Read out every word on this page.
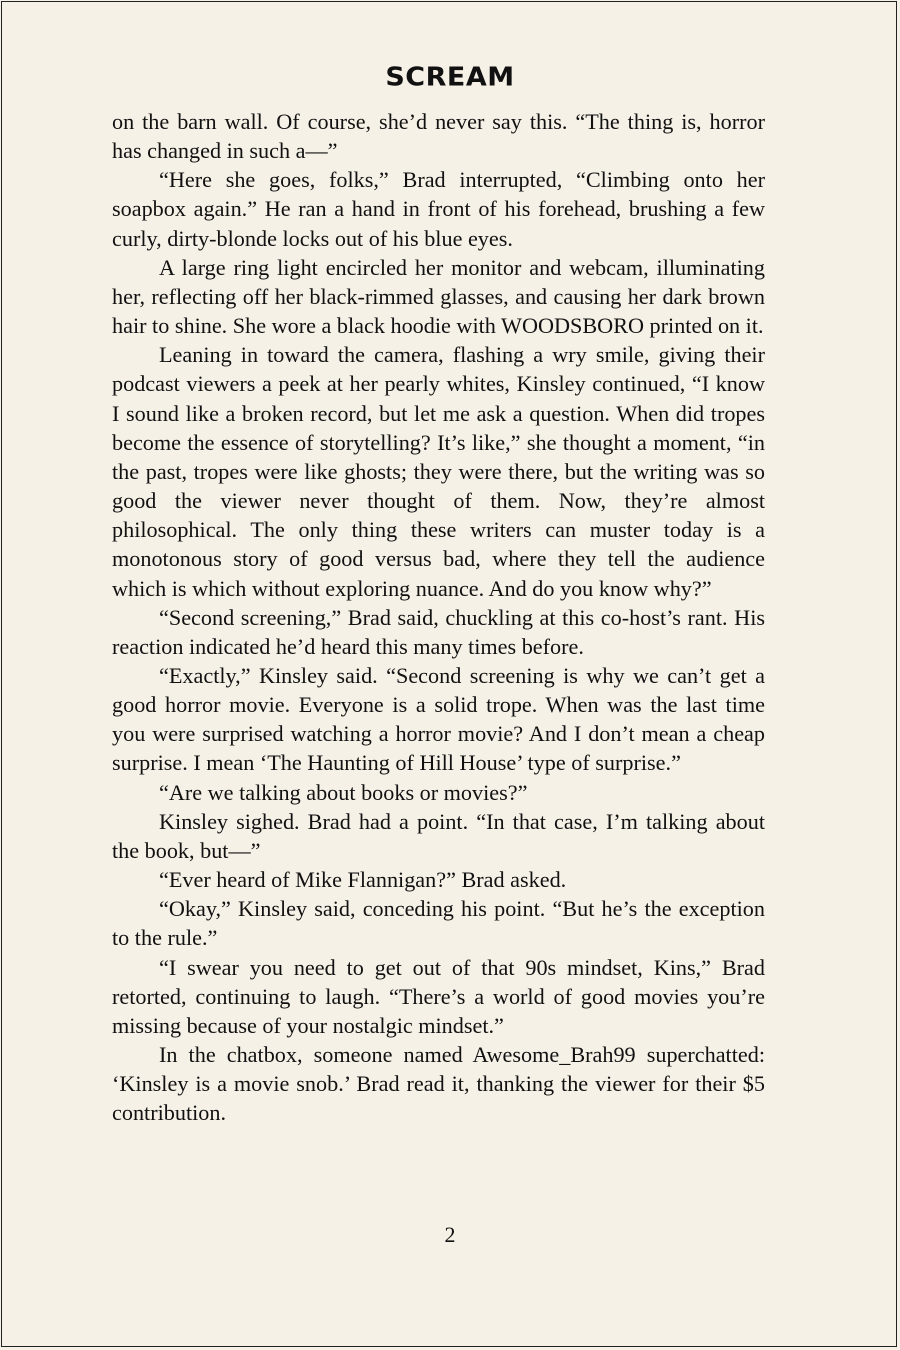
SCREAM

on the barn wall. Of course, she’d never say this. “The thing is, horror has changed in such a—”

“Here she goes, folks,” Brad interrupted, “Climbing onto her soapbox again.” He ran a hand in front of his forehead, brushing a few curly, dirty-blonde locks out of his blue eyes.

A large ring light encircled her monitor and webcam, illuminating her, reflecting off her black-rimmed glasses, and causing her dark brown hair to shine. She wore a black hoodie with WOODSBORO printed on it.

Leaning in toward the camera, flashing a wry smile, giving their podcast viewers a peek at her pearly whites, Kinsley continued, “I know I sound like a broken record, but let me ask a question. When did tropes become the essence of storytelling? It’s like,” she thought a moment, “in the past, tropes were like ghosts; they were there, but the writing was so good the viewer never thought of them. Now, they’re almost philosophical. The only thing these writers can muster today is a monotonous story of good versus bad, where they tell the audience which is which without exploring nuance. And do you know why?”

“Second screening,” Brad said, chuckling at this co-host’s rant. His reaction indicated he’d heard this many times before.

“Exactly,” Kinsley said. “Second screening is why we can’t get a good horror movie. Everyone is a solid trope. When was the last time you were surprised watching a horror movie? And I don’t mean a cheap surprise. I mean ‘The Haunting of Hill House’ type of surprise.”

“Are we talking about books or movies?”

Kinsley sighed. Brad had a point. “In that case, I’m talking about the book, but—”

“Ever heard of Mike Flannigan?” Brad asked.

“Okay,” Kinsley said, conceding his point. “But he’s the exception to the rule.”

“I swear you need to get out of that 90s mindset, Kins,” Brad retorted, continuing to laugh. “There’s a world of good movies you’re missing because of your nostalgic mindset.”

In the chatbox, someone named Awesome_Brah99 superchatted: ‘Kinsley is a movie snob.’ Brad read it, thanking the viewer for their $5 contribution.

2
